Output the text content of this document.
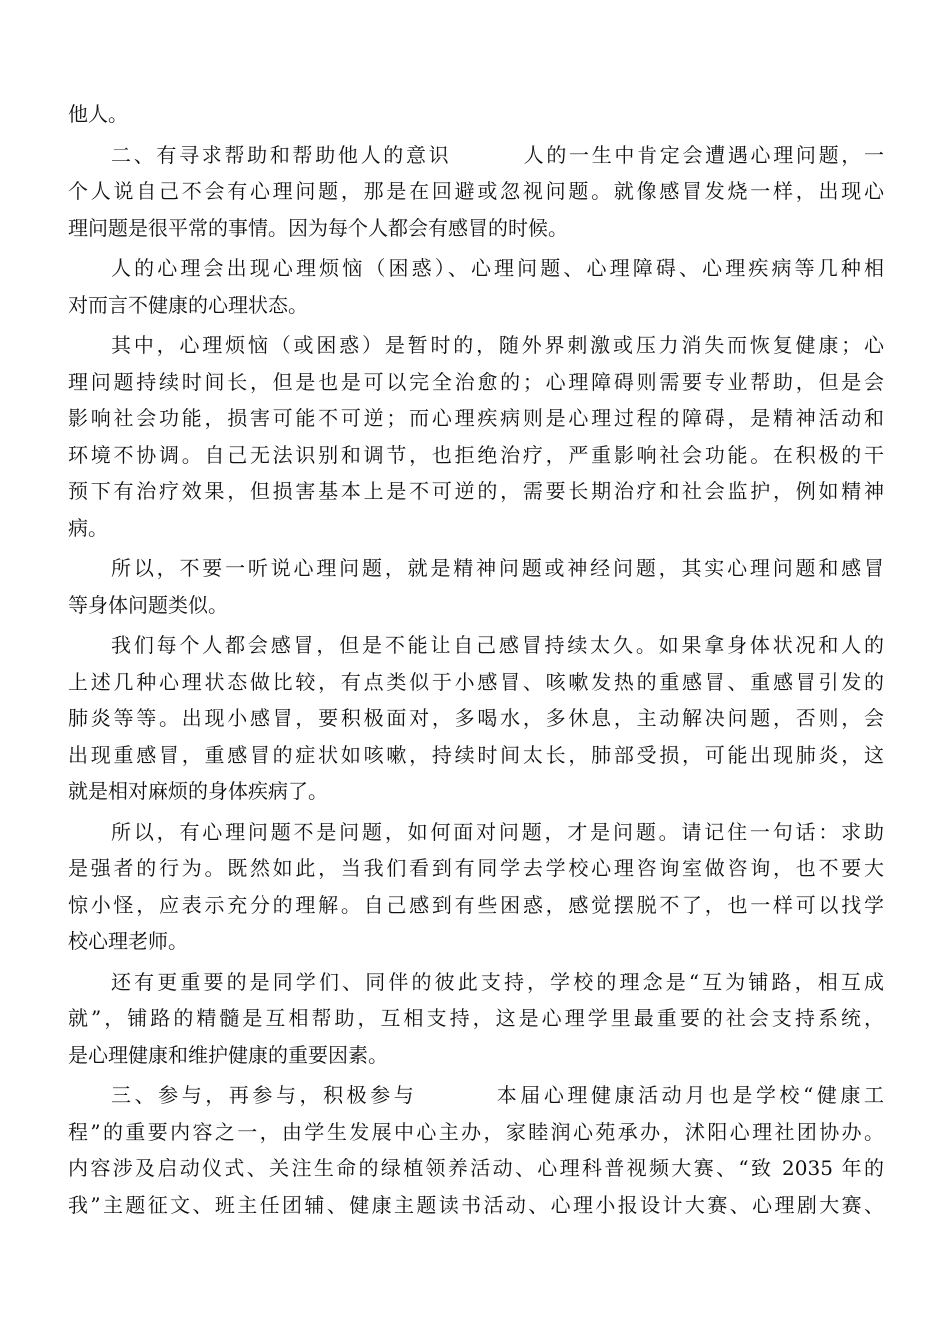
他人。
二、有寻求帮助和帮助他人的意识        人的一生中肯定会遭遇心理问题，一
个人说自己不会有心理问题，那是在回避或忽视问题。就像感冒发烧一样，出现心
理问题是很平常的事情。因为每个人都会有感冒的时候。
人的心理会出现心理烦恼（困惑）、心理问题、心理障碍、心理疾病等几种相
对而言不健康的心理状态。
其中，心理烦恼（或困惑）是暂时的，随外界刺激或压力消失而恢复健康；心
理问题持续时间长，但是也是可以完全治愈的；心理障碍则需要专业帮助，但是会
影响社会功能，损害可能不可逆；而心理疾病则是心理过程的障碍，是精神活动和
环境不协调。自己无法识别和调节，也拒绝治疗，严重影响社会功能。在积极的干
预下有治疗效果，但损害基本上是不可逆的，需要长期治疗和社会监护，例如精神
病。
所以，不要一听说心理问题，就是精神问题或神经问题，其实心理问题和感冒
等身体问题类似。
我们每个人都会感冒，但是不能让自己感冒持续太久。如果拿身体状况和人的
上述几种心理状态做比较，有点类似于小感冒、咳嗽发热的重感冒、重感冒引发的
肺炎等等。出现小感冒，要积极面对，多喝水，多休息，主动解决问题，否则，会
出现重感冒，重感冒的症状如咳嗽，持续时间太长，肺部受损，可能出现肺炎，这
就是相对麻烦的身体疾病了。
所以，有心理问题不是问题，如何面对问题，才是问题。请记住一句话：求助
是强者的行为。既然如此，当我们看到有同学去学校心理咨询室做咨询，也不要大
惊小怪，应表示充分的理解。自己感到有些困惑，感觉摆脱不了，也一样可以找学
校心理老师。
还有更重要的是同学们、同伴的彼此支持，学校的理念是“互为铺路，相互成
就”，铺路的精髓是互相帮助，互相支持，这是心理学里最重要的社会支持系统，
是心理健康和维护健康的重要因素。
三、参与，再参与，积极参与        本届心理健康活动月也是学校“健康工
程”的重要内容之一，由学生发展中心主办，家睦润心苑承办，沭阳心理社团协办。
内容涉及启动仪式、关注生命的绿植领养活动、心理科普视频大赛、“致 2035 年的
我”主题征文、班主任团辅、健康主题读书活动、心理小报设计大赛、心理剧大赛、
